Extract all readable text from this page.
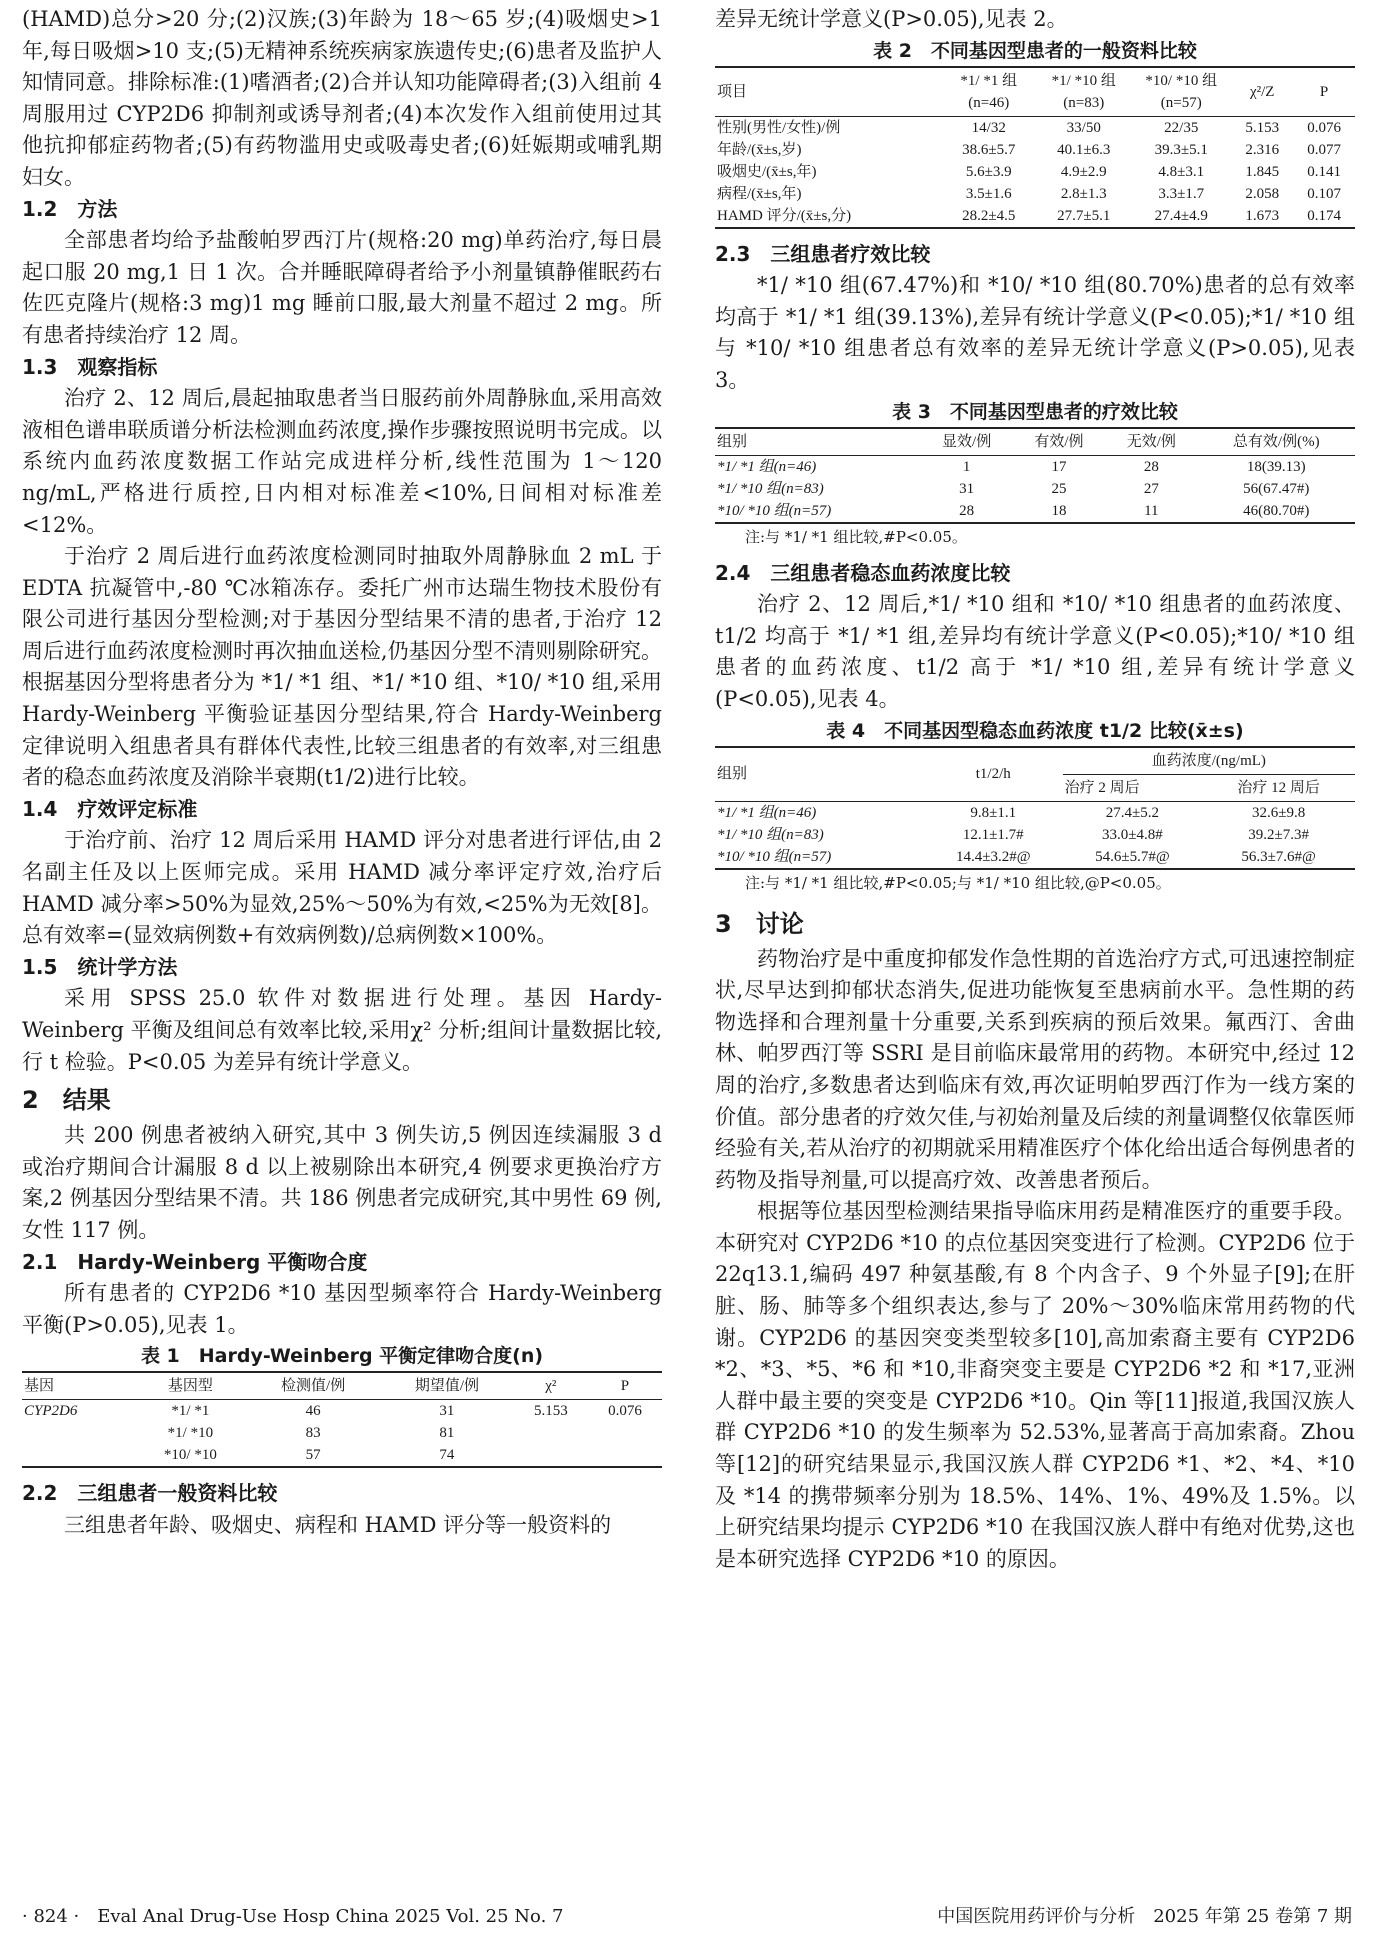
(HAMD)总分>20 分;(2)汉族;(3)年龄为 18～65 岁;(4)吸烟史>1年,每日吸烟>10 支;(5)无精神系统疾病家族遗传史;(6)患者及监护人知情同意。排除标准:(1)嗜酒者;(2)合并认知功能障碍者;(3)入组前 4 周服用过 CYP2D6 抑制剂或诱导剂者;(4)本次发作入组前使用过其他抗抑郁症药物者;(5)有药物滥用史或吸毒史者;(6)妊娠期或哺乳期妇女。

1.2　方法

全部患者均给予盐酸帕罗西汀片(规格:20 mg)单药治疗,每日晨起口服 20 mg,1 日 1 次。合并睡眠障碍者给予小剂量镇静催眠药右佐匹克隆片(规格:3 mg)1 mg 睡前口服,最大剂量不超过 2 mg。所有患者持续治疗 12 周。

1.3　观察指标

治疗 2、12 周后,晨起抽取患者当日服药前外周静脉血,采用高效液相色谱串联质谱分析法检测血药浓度,操作步骤按照说明书完成。以系统内血药浓度数据工作站完成进样分析,线性范围为 1～120 ng/mL,严格进行质控,日内相对标准差<10%,日间相对标准差<12%。

于治疗 2 周后进行血药浓度检测同时抽取外周静脉血 2 mL 于 EDTA 抗凝管中,-80 ℃冰箱冻存。委托广州市达瑞生物技术股份有限公司进行基因分型检测;对于基因分型结果不清的患者,于治疗 12 周后进行血药浓度检测时再次抽血送检,仍基因分型不清则剔除研究。根据基因分型将患者分为 *1/ *1 组、*1/ *10 组、*10/ *10 组,采用 Hardy-Weinberg 平衡验证基因分型结果,符合 Hardy-Weinberg 定律说明入组患者具有群体代表性,比较三组患者的有效率,对三组患者的稳态血药浓度及消除半衰期(t1/2)进行比较。

1.4　疗效评定标准

于治疗前、治疗 12 周后采用 HAMD 评分对患者进行评估,由 2 名副主任及以上医师完成。采用 HAMD 减分率评定疗效,治疗后 HAMD 减分率>50%为显效,25%～50%为有效,<25%为无效[8]。总有效率=(显效病例数+有效病例数)/总病例数×100%。

1.5　统计学方法

采用 SPSS 25.0 软件对数据进行处理。基因 Hardy-Weinberg 平衡及组间总有效率比较,采用χ² 分析;组间计量数据比较,行 t 检验。P<0.05 为差异有统计学意义。

2　结果

共 200 例患者被纳入研究,其中 3 例失访,5 例因连续漏服 3 d 或治疗期间合计漏服 8 d 以上被剔除出本研究,4 例要求更换治疗方案,2 例基因分型结果不清。共 186 例患者完成研究,其中男性 69 例,女性 117 例。

2.1　Hardy-Weinberg 平衡吻合度

所有患者的 CYP2D6 *10 基因型频率符合 Hardy-Weinberg 平衡(P>0.05),见表 1。

表 1　Hardy-Weinberg 平衡定律吻合度(n)
基因	基因型	检测值/例	期望值/例	χ²	P
CYP2D6	*1/ *1	46	31	5.153	0.076
	*1/ *10	83	81		
	*10/ *10	57	74		
2.2　三组患者一般资料比较

三组患者年龄、吸烟史、病程和 HAMD 评分等一般资料的

差异无统计学意义(P>0.05),见表 2。

表 2　不同基因型患者的一般资料比较
项目	*1/ *1 组 (n=46)	*1/ *10 组 (n=83)	*10/ *10 组 (n=57)	χ²/Z	P
性别(男性/女性)/例	14/32	33/50	22/35	5.153	0.076
年龄/(x̄±s,岁)	38.6±5.7	40.1±6.3	39.3±5.1	2.316	0.077
吸烟史/(x̄±s,年)	5.6±3.9	4.9±2.9	4.8±3.1	1.845	0.141
病程/(x̄±s,年)	3.5±1.6	2.8±1.3	3.3±1.7	2.058	0.107
HAMD 评分/(x̄±s,分)	28.2±4.5	27.7±5.1	27.4±4.9	1.673	0.174
2.3　三组患者疗效比较

*1/ *10 组(67.47%)和 *10/ *10 组(80.70%)患者的总有效率均高于 *1/ *1 组(39.13%),差异有统计学意义(P<0.05);*1/ *10 组与 *10/ *10 组患者总有效率的差异无统计学意义(P>0.05),见表 3。

表 3　不同基因型患者的疗效比较
组别	显效/例	有效/例	无效/例	总有效/例(%)
*1/ *1 组(n=46)	1	17	28	18(39.13)
*1/ *10 组(n=83)	31	25	27	56(67.47#)
*10/ *10 组(n=57)	28	18	11	46(80.70#)
注:与 *1/ *1 组比较,#P<0.05。
2.4　三组患者稳态血药浓度比较

治疗 2、12 周后,*1/ *10 组和 *10/ *10 组患者的血药浓度、t1/2 均高于 *1/ *1 组,差异均有统计学意义(P<0.05);*10/ *10 组患者的血药浓度、t1/2 高于 *1/ *10 组,差异有统计学意义(P<0.05),见表 4。

表 4　不同基因型稳态血药浓度 t1/2 比较(x̄±s)
组别	t1/2/h	血药浓度/(ng/mL)	
		治疗 2 周后	治疗 12 周后
*1/ *1 组(n=46)	9.8±1.1	27.4±5.2	32.6±9.8
*1/ *10 组(n=83)	12.1±1.7#	33.0±4.8#	39.2±7.3#
*10/ *10 组(n=57)	14.4±3.2#@	54.6±5.7#@	56.3±7.6#@
注:与 *1/ *1 组比较,#P<0.05;与 *1/ *10 组比较,@P<0.05。
3　讨论

药物治疗是中重度抑郁发作急性期的首选治疗方式,可迅速控制症状,尽早达到抑郁状态消失,促进功能恢复至患病前水平。急性期的药物选择和合理剂量十分重要,关系到疾病的预后效果。氟西汀、舍曲林、帕罗西汀等 SSRI 是目前临床最常用的药物。本研究中,经过 12 周的治疗,多数患者达到临床有效,再次证明帕罗西汀作为一线方案的价值。部分患者的疗效欠佳,与初始剂量及后续的剂量调整仅依靠医师经验有关,若从治疗的初期就采用精准医疗个体化给出适合每例患者的药物及指导剂量,可以提高疗效、改善患者预后。

根据等位基因型检测结果指导临床用药是精准医疗的重要手段。本研究对 CYP2D6 *10 的点位基因突变进行了检测。CYP2D6 位于 22q13.1,编码 497 种氨基酸,有 8 个内含子、9 个外显子[9];在肝脏、肠、肺等多个组织表达,参与了 20%～30%临床常用药物的代谢。CYP2D6 的基因突变类型较多[10],高加索裔主要有 CYP2D6 *2、*3、*5、*6 和 *10,非裔突变主要是 CYP2D6 *2 和 *17,亚洲人群中最主要的突变是 CYP2D6 *10。Qin 等[11]报道,我国汉族人群 CYP2D6 *10 的发生频率为 52.53%,显著高于高加索裔。Zhou 等[12]的研究结果显示,我国汉族人群 CYP2D6 *1、*2、*4、*10 及 *14 的携带频率分别为 18.5%、14%、1%、49%及 1.5%。以上研究结果均提示 CYP2D6 *10 在我国汉族人群中有绝对优势,这也是本研究选择 CYP2D6 *10 的原因。

· 824 ·　Eval Anal Drug-Use Hosp China 2025 Vol. 25 No. 7	中国医院用药评价与分析　2025 年第 25 卷第 7 期
